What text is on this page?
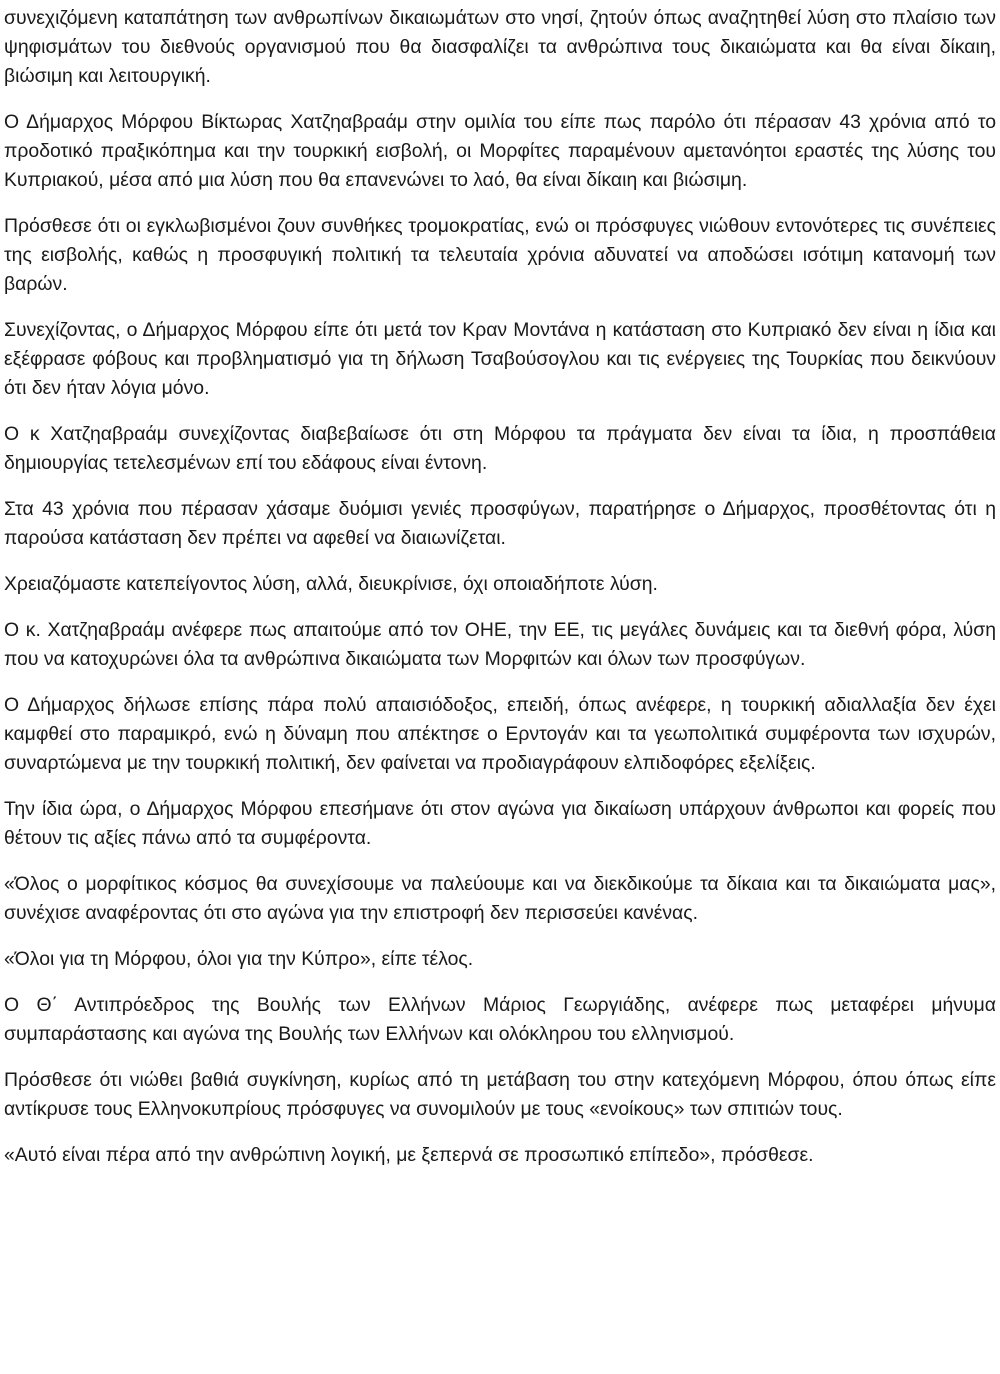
συνεχιζόμενη καταπάτηση των ανθρωπίνων δικαιωμάτων στο νησί, ζητούν όπως αναζητηθεί λύση στο πλαίσιο των ψηφισμάτων του διεθνούς οργανισμού που θα διασφαλίζει τα ανθρώπινα τους δικαιώματα και θα είναι δίκαιη, βιώσιμη και λειτουργική.

Ο Δήμαρχος Μόρφου Βίκτωρας Χατζηαβραάμ στην ομιλία του είπε πως παρόλο ότι πέρασαν 43 χρόνια από το προδοτικό πραξικόπημα και την τουρκική εισβολή, οι Μορφίτες παραμένουν αμετανόητοι εραστές της λύσης του Κυπριακού, μέσα από μια λύση που θα επανενώνει το λαό, θα είναι δίκαιη και βιώσιμη.

Πρόσθεσε ότι οι εγκλωβισμένοι ζουν συνθήκες τρομοκρατίας, ενώ οι πρόσφυγες νιώθουν εντονότερες τις συνέπειες της εισβολής, καθώς η προσφυγική πολιτική τα τελευταία χρόνια αδυνατεί να αποδώσει ισότιμη κατανομή των βαρών.

Συνεχίζοντας, ο Δήμαρχος Μόρφου είπε ότι μετά τον Κραν Μοντάνα η κατάσταση στο Κυπριακό δεν είναι η ίδια και εξέφρασε φόβους και προβληματισμό για τη δήλωση Τσαβούσογλου και τις ενέργειες της Τουρκίας που δεικνύουν ότι δεν ήταν λόγια μόνο.

Ο κ Χατζηαβραάμ συνεχίζοντας διαβεβαίωσε ότι στη Μόρφου τα πράγματα δεν είναι τα ίδια, η προσπάθεια δημιουργίας τετελεσμένων επί του εδάφους είναι έντονη.

Στα 43 χρόνια που πέρασαν χάσαμε δυόμισι γενιές προσφύγων, παρατήρησε ο Δήμαρχος, προσθέτοντας ότι η παρούσα κατάσταση δεν πρέπει να αφεθεί να διαιωνίζεται.

Χρειαζόμαστε κατεπείγοντος λύση, αλλά, διευκρίνισε, όχι οποιαδήποτε λύση.

Ο κ. Χατζηαβραάμ ανέφερε πως απαιτούμε από τον ΟΗΕ, την ΕΕ, τις μεγάλες δυνάμεις και τα διεθνή φόρα, λύση που να κατοχυρώνει όλα τα ανθρώπινα δικαιώματα των Μορφιτών και όλων των προσφύγων.

Ο Δήμαρχος δήλωσε επίσης πάρα πολύ απαισιόδοξος, επειδή, όπως ανέφερε, η τουρκική αδιαλλαξία δεν έχει καμφθεί στο παραμικρό, ενώ η δύναμη που απέκτησε ο Ερντογάν και τα γεωπολιτικά συμφέροντα των ισχυρών, συναρτώμενα με την τουρκική πολιτική, δεν φαίνεται να προδιαγράφουν ελπιδοφόρες εξελίξεις.

Την ίδια ώρα, ο Δήμαρχος Μόρφου επεσήμανε ότι στον αγώνα για δικαίωση υπάρχουν άνθρωποι και φορείς που θέτουν τις αξίες πάνω από τα συμφέροντα.

«Όλος ο μορφίτικος κόσμος θα συνεχίσουμε να παλεύουμε και να διεκδικούμε τα δίκαια και τα δικαιώματα μας», συνέχισε αναφέροντας ότι στο αγώνα για την επιστροφή δεν περισσεύει κανένας.

«Όλοι για τη Μόρφου, όλοι για την Κύπρο», είπε τέλος.

Ο Θ΄ Αντιπρόεδρος της Βουλής των Ελλήνων Μάριος Γεωργιάδης, ανέφερε πως μεταφέρει μήνυμα συμπαράστασης και αγώνα της Βουλής των Ελλήνων και ολόκληρου του ελληνισμού.

Πρόσθεσε ότι νιώθει βαθιά συγκίνηση, κυρίως από τη μετάβαση του στην κατεχόμενη Μόρφου, όπου όπως είπε αντίκρυσε τους Ελληνοκυπρίους πρόσφυγες να συνομιλούν με τους «ενοίκους» των σπιτιών τους.

«Αυτό είναι πέρα από την ανθρώπινη λογική, με ξεπερνά σε προσωπικό επίπεδο», πρόσθεσε.
